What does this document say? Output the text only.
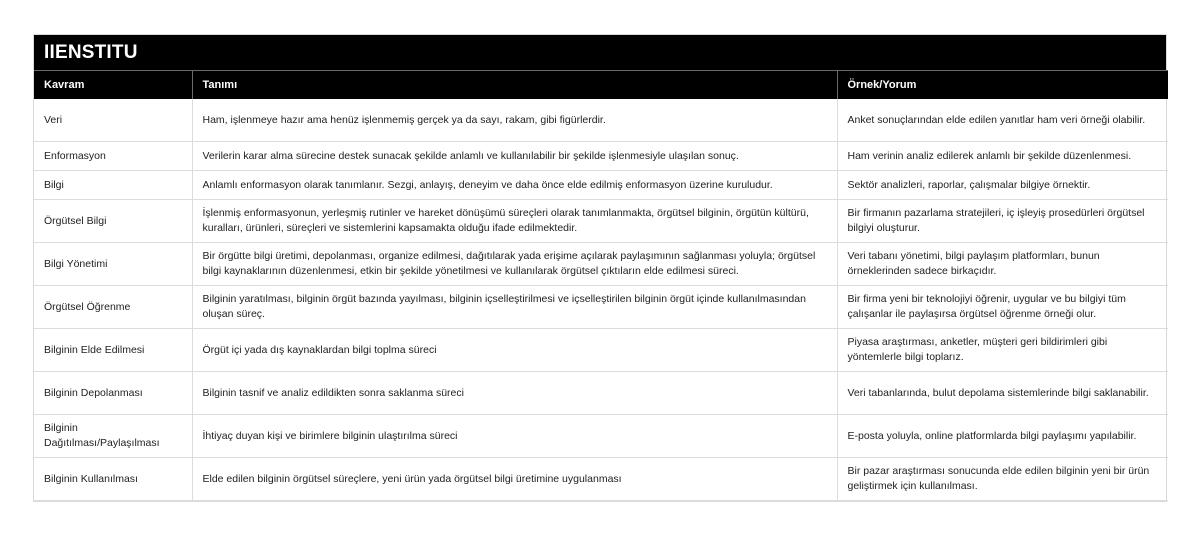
IIENSTITU
Kavram	Tanımı	Örnek/Yorum
Veri	Ham, işlenmeye hazır ama henüz işlenmemiş gerçek ya da sayı, rakam, gibi figürlerdir.	Anket sonuçlarından elde edilen yanıtlar ham veri örneği olabilir.
Enformasyon	Verilerin karar alma sürecine destek sunacak şekilde anlamlı ve kullanılabilir bir şekilde işlenmesiyle ulaşılan sonuç.	Ham verinin analiz edilerek anlamlı bir şekilde düzenlenmesi.
Bilgi	Anlamlı enformasyon olarak tanımlanır. Sezgi, anlayış, deneyim ve daha önce elde edilmiş enformasyon üzerine kuruludur.	Sektör analizleri, raporlar, çalışmalar bilgiye örnektir.
Örgütsel Bilgi	İşlenmiş enformasyonun, yerleşmiş rutinler ve hareket dönüşümü süreçleri olarak tanımlanmakta, örgütsel bilginin, örgütün kültürü, kuralları, ürünleri, süreçleri ve sistemlerini kapsamakta olduğu ifade edilmektedir.	Bir firmanın pazarlama stratejileri, iç işleyiş prosedürleri örgütsel bilgiyi oluşturur.
Bilgi Yönetimi	Bir örgütte bilgi üretimi, depolanması, organize edilmesi, dağıtılarak yada erişime açılarak paylaşımının sağlanması yoluyla; örgütsel bilgi kaynaklarının düzenlenmesi, etkin bir şekilde yönetilmesi ve kullanılarak örgütsel çıktıların elde edilmesi süreci.	Veri tabanı yönetimi, bilgi paylaşım platformları, bunun örneklerinden sadece birkaçıdır.
Örgütsel Öğrenme	Bilginin yaratılması, bilginin örgüt bazında yayılması, bilginin içselleştirilmesi ve içselleştirilen bilginin örgüt içinde kullanılmasından oluşan süreç.	Bir firma yeni bir teknolojiyi öğrenir, uygular ve bu bilgiyi tüm çalışanlar ile paylaşırsa örgütsel öğrenme örneği olur.
Bilginin Elde Edilmesi	Örgüt içi yada dış kaynaklardan bilgi toplma süreci	Piyasa araştırması, anketler, müşteri geri bildirimleri gibi yöntemlerle bilgi toplarız.
Bilginin Depolanması	Bilginin tasnif ve analiz edildikten sonra saklanma süreci	Veri tabanlarında, bulut depolama sistemlerinde bilgi saklanabilir.
Bilginin Dağıtılması/Paylaşılması	İhtiyaç duyan kişi ve birimlere bilginin ulaştırılma süreci	E-posta yoluyla, online platformlarda bilgi paylaşımı yapılabilir.
Bilginin Kullanılması	Elde edilen bilginin örgütsel süreçlere, yeni ürün yada örgütsel bilgi üretimine uygulanması	Bir pazar araştırması sonucunda elde edilen bilginin yeni bir ürün geliştirmek için kullanılması.
